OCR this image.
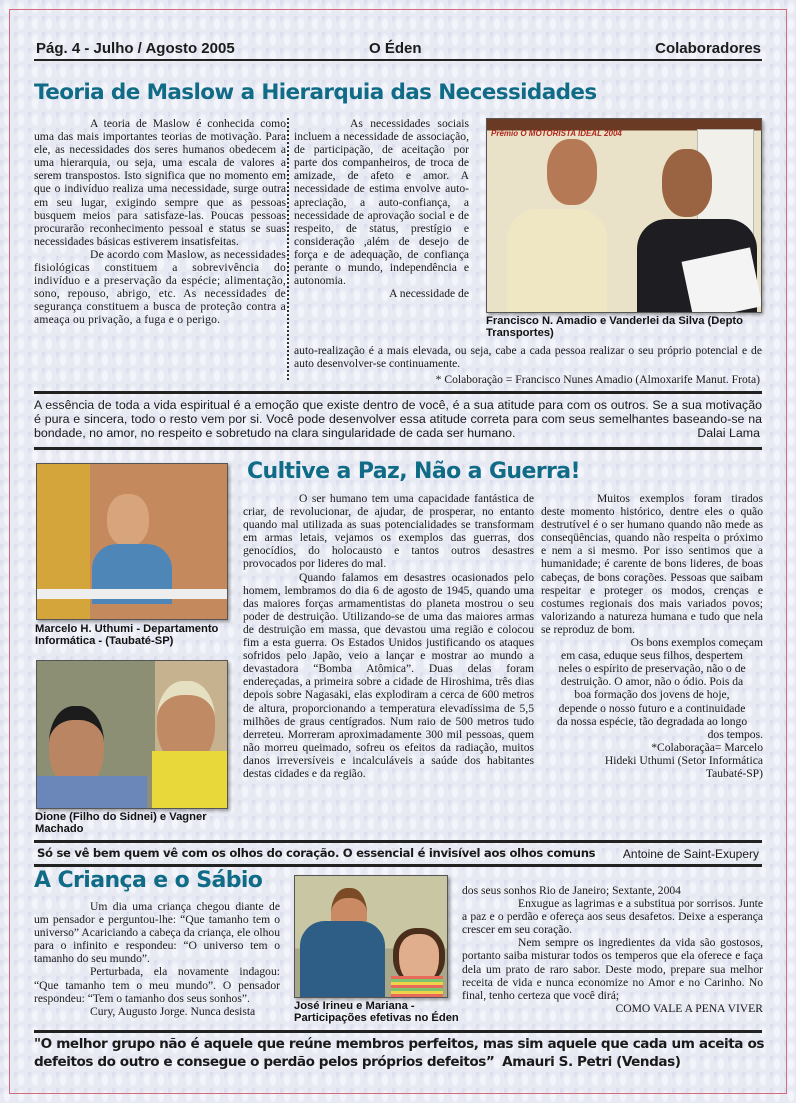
Pág. 4 - Julho / Agosto 2005	O Éden	Colaboradores
Teoria de Maslow a Hierarquia das Necessidades

A teoria de Maslow é conhecida como uma das mais importantes teorias de motivação. Para ele, as necessidades dos seres humanos obedecem a uma hierarquia, ou seja, uma escala de valores a serem transpostos. Isto significa que no momento em que o indivíduo realiza uma necessidade, surge outra em seu lugar, exigindo sempre que as pessoas busquem meios para satisfaze-las. Poucas pessoas procurarão reconhecimento pessoal e status se suas necessidades básicas estiverem insatisfeitas.

De acordo com Maslow, as necessidades fisiológicas constituem a sobrevivência do indivíduo e a preservação da espécie; alimentação, sono, repouso, abrigo, etc. As necessidades de segurança constituem a busca de proteção contra a ameaça ou privação, a fuga e o perigo.

As necessidades sociais incluem a necessidade de associação, de participação, de aceitação por parte dos companheiros, de troca de amizade, de afeto e amor. A necessidade de estima envolve auto-apreciação, a auto-confiança, a necessidade de aprovação social e de respeito, de status, prestígio e consideração ,além de desejo de força e de adequação, de confiança perante o mundo, independência e autonomia.

A necessidade de

auto-realização é a mais elevada, ou seja, cabe a cada pessoa realizar o seu próprio potencial e de auto desenvolver-se continuamente.
* Colaboração = Francisco Nunes Amadio (Almoxarife Manut. Frota)
Prêmio O MOTORISTA IDEAL 2004
Francisco N. Amadio e Vanderlei da Silva (Depto Transportes)
A essência de toda a vida espiritual é a emoção que existe dentro de você, é a sua atitude para com os outros. Se a sua motivação é pura e sincera, todo o resto vem por si. Você pode desenvolver essa atitude correta para com seus semelhantes baseando-se na bondade, no amor, no respeito e sobretudo na clara singularidade de cada ser humano.	Dalai Lama
Marcelo H. Uthumi - Departamento Informática - (Taubaté-SP)
Dione (Filho do Sidnei) e Vagner Machado
Cultive a Paz, Não a Guerra!

O ser humano tem uma capacidade fantástica de criar, de revolucionar, de ajudar, de prosperar, no entanto quando mal utilizada as suas potencialidades se transformam em armas letais, vejamos os exemplos das guerras, dos genocídios, do holocausto e tantos outros desastres provocados por lideres do mal.

Quando falamos em desastres ocasionados pelo homem, lembramos do dia 6 de agosto de 1945, quando uma das maiores forças armamentistas do planeta mostrou o seu poder de destruição. Utilizando-se de uma das maiores armas de destruição em massa, que devastou uma região e colocou fim a esta guerra. Os Estados Unidos justificando os ataques sofridos pelo Japão, veio a lançar e mostrar ao mundo a devastadora “Bomba Atômica”. Duas delas foram endereçadas, a primeira sobre a cidade de Hiroshima, três dias depois sobre Nagasaki, elas explodiram a cerca de 600 metros de altura, proporcionando a temperatura elevadíssima de 5,5 milhões de graus centígrados. Num raio de 500 metros tudo derreteu. Morreram aproximadamente 300 mil pessoas, quem não morreu queimado, sofreu os efeitos da radiação, muitos danos irreversíveis e incalculáveis a saúde dos habitantes destas cidades e da região.

Muitos exemplos foram tirados deste momento histórico, dentre eles o quão destrutível é o ser humano quando não mede as conseqüências, quando não respeita o próximo e nem a si mesmo. Por isso sentimos que a humanidade; é carente de bons lideres, de boas cabeças, de bons corações. Pessoas que saibam respeitar e proteger os modos, crenças e costumes regionais dos mais variados povos; valorizando a natureza humana e tudo que nela se reproduz de bom.

Os bons exemplos começam
em casa, eduque seus filhos, despertem
neles o espírito de preservação, não o de
destruição. O amor, não o ódio. Pois da
boa formação dos jovens de hoje,
depende o nosso futuro e a continuidade
da nossa espécie, tão degradada ao longo
dos tempos.
*Colaboraçãa= Marcelo
Hideki Uthumi (Setor Informática
Taubaté-SP)
Só se vê bem quem vê com os olhos do coração. O essencial é invisível aos olhos comuns Antoine de Saint-Exupery
A Criança e o Sábio

Um dia uma criança chegou diante de um pensador e perguntou-lhe: “Que tamanho tem o universo” Acariciando a cabeça da criança, ele olhou para o infinito e respondeu: “O universo tem o tamanho do seu mundo”.

Perturbada, ela novamente indagou: “Que tamanho tem o meu mundo”. O pensador respondeu: “Tem o tamanho dos seus sonhos”.

Cury, Augusto Jorge. Nunca desista	José Irineu e Mariana - Participações efetivas no Éden
dos seus sonhos Rio de Janeiro; Sextante, 2004

Enxugue as lagrimas e a substitua por sorrisos. Junte a paz e o perdão e ofereça aos seus desafetos. Deixe a esperança crescer em seu coração.

Nem sempre os ingredientes da vida são gostosos, portanto saiba misturar todos os temperos que ela oferece e faça dela um prato de raro sabor. Deste modo, prepare sua melhor receita de vida e nunca economize no Amor e no Carinho. No final, tenho certeza que você dirá;

COMO VALE A PENA VIVER
"O melhor grupo não é aquele que reúne membros perfeitos, mas sim aquele que cada um aceita os defeitos do outro e consegue o perdão pelos próprios defeitos” Amauri S. Petri (Vendas)
